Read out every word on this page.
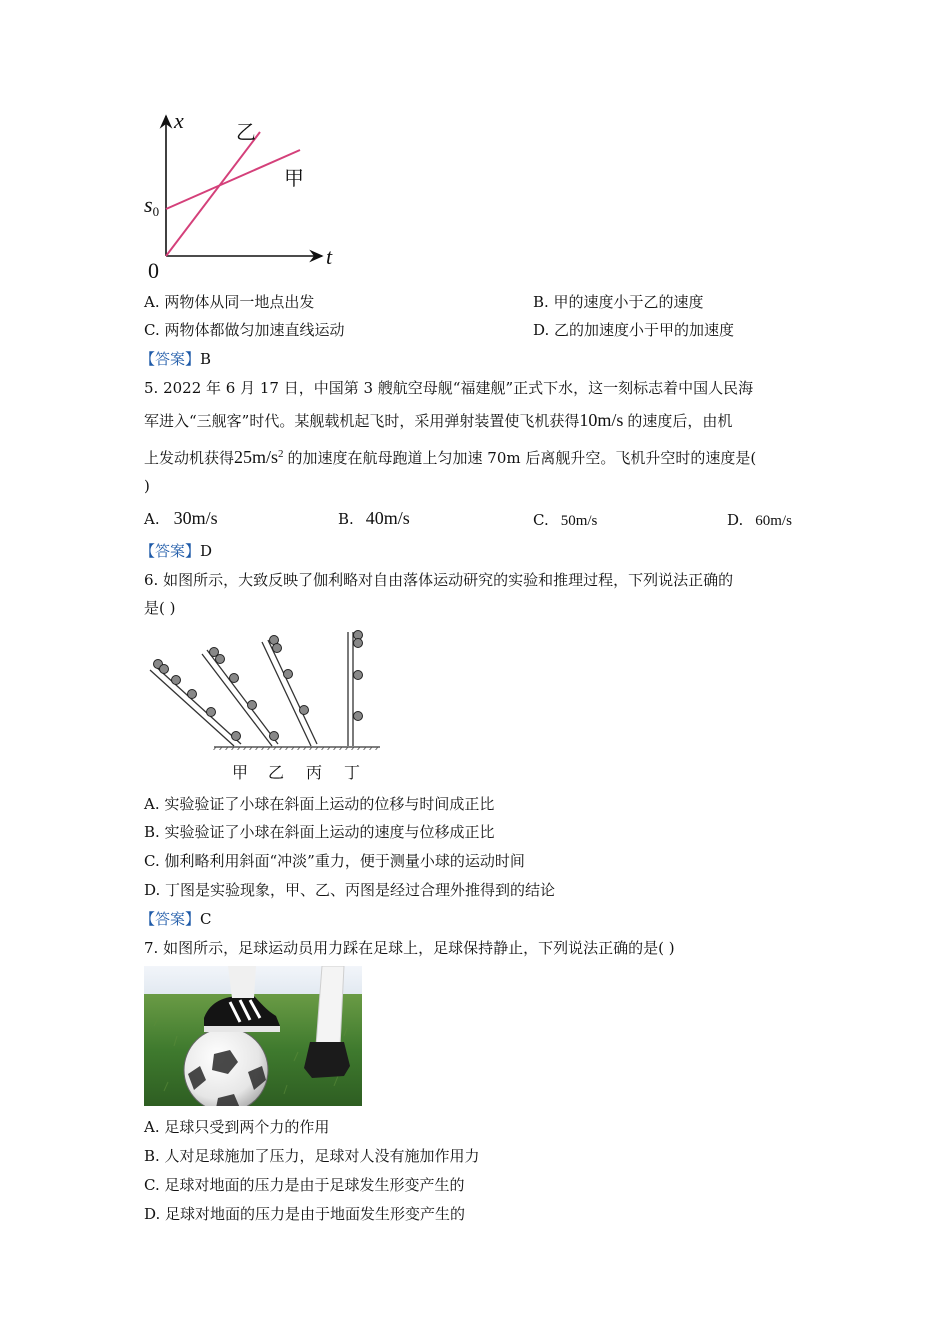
x
t
0
$s_0$
乙
甲
A. 两物体从同一地点出发	B. 甲的速度小于乙的速度
C. 两物体都做匀加速直线运动	D. 乙的加速度小于甲的加速度
【答案】B
5. 2022 年 6 月 17 日，中国第 3 艘航空母舰“福建舰”正式下水，这一刻标志着中国人民海
军进入“三舰客”时代。某舰载机起飞时，采用弹射装置使飞机获得10m/s 的速度后，由机
上发动机获得$25m/s^2$ 的加速度在航母跑道上匀加速 70m 后离舰升空。飞机升空时的速度是(
)
A. 30m/s	B. 40m/s	C. 50m/s	D. 60m/s
【答案】D
6. 如图所示，大致反映了伽利略对自由落体运动研究的实验和推理过程，下列说法正确的
是( )
甲 乙 丙 丁
A. 实验验证了小球在斜面上运动的位移与时间成正比
B. 实验验证了小球在斜面上运动的速度与位移成正比
C. 伽利略利用斜面“冲淡”重力，便于测量小球的运动时间
D. 丁图是实验现象，甲、乙、丙图是经过合理外推得到的结论
【答案】C
7. 如图所示，足球运动员用力踩在足球上，足球保持静止，下列说法正确的是( )
A. 足球只受到两个力的作用
B. 人对足球施加了压力，足球对人没有施加作用力
C. 足球对地面的压力是由于足球发生形变产生的
D. 足球对地面的压力是由于地面发生形变产生的
